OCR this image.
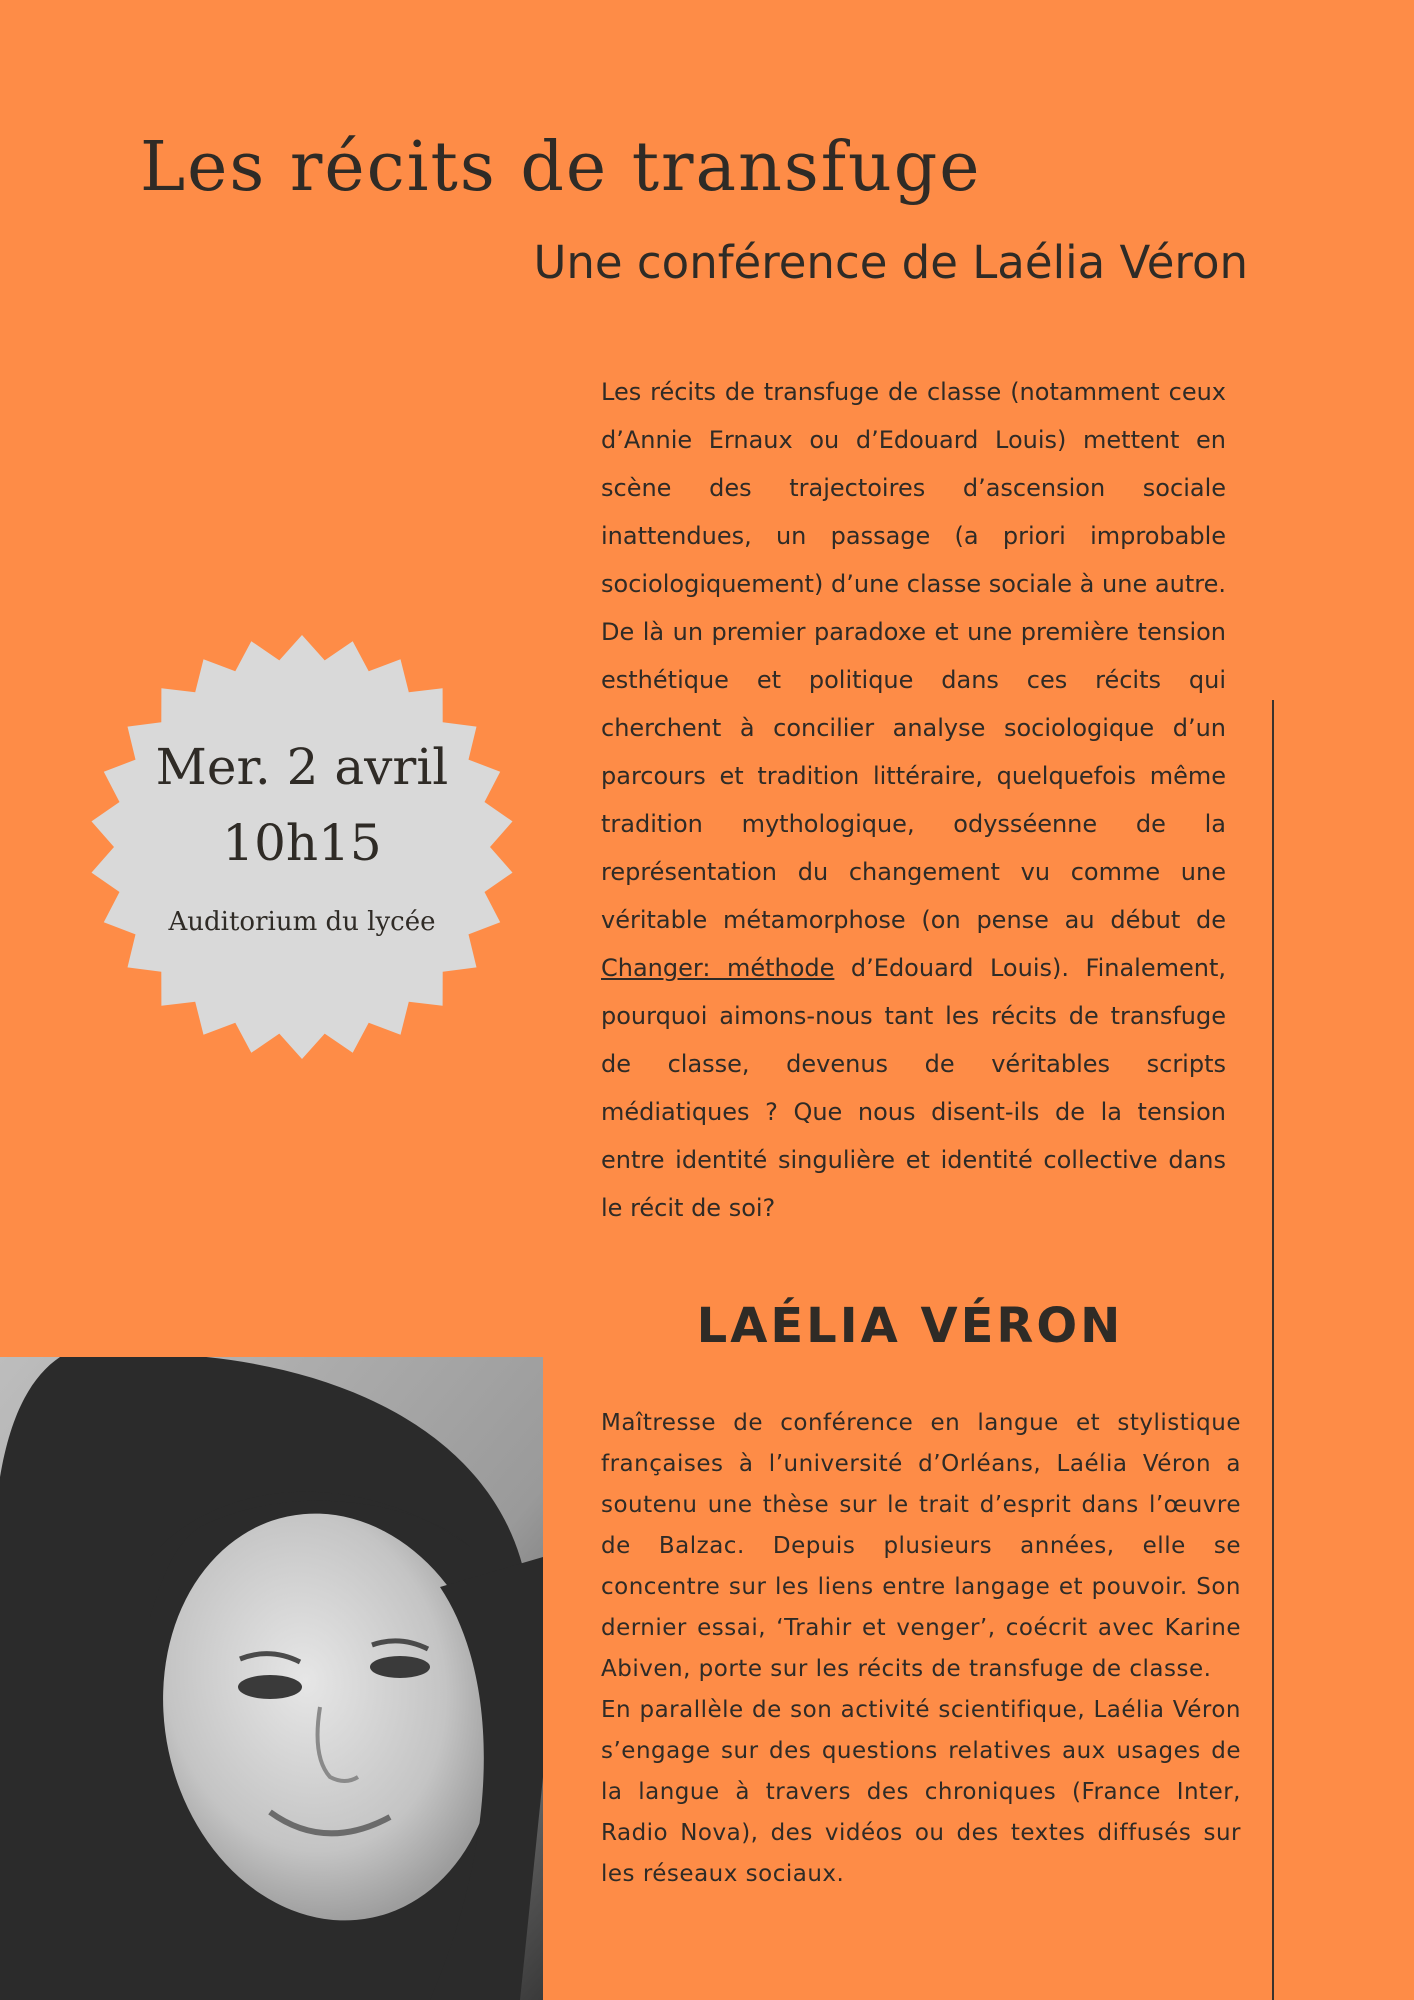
Les récits de transfuge
Une conférence de Laélia Véron

Les récits de transfuge de classe (notamment ceux d’Annie Ernaux ou d’Edouard Louis) mettent en scène des trajectoires d’ascension sociale inattendues, un passage (a priori improbable sociologiquement) d’une classe sociale à une autre. De là un premier paradoxe et une première tension esthétique et politique dans ces récits qui cherchent à concilier analyse sociologique d’un parcours et tradition littéraire, quelquefois même tradition mythologique, odysséenne de la représentation du changement vu comme une véritable métamorphose (on pense au début de Changer: méthode d’Edouard Louis). Finalement, pourquoi aimons-nous tant les récits de transfuge de classe, devenus de véritables scripts médiatiques ? Que nous disent-ils de la tension entre identité singulière et identité collective dans le récit de soi?

Mer. 2 avril
10h15
Auditorium du lycée
LAÉLIA VÉRON

Maîtresse de conférence en langue et stylistique françaises à l’université d’Orléans, Laélia Véron a soutenu une thèse sur le trait d’esprit dans l’œuvre de Balzac. Depuis plusieurs années, elle se concentre sur les liens entre langage et pouvoir. Son dernier essai, ‘Trahir et venger’, coécrit avec Karine Abiven, porte sur les récits de transfuge de classe.

En parallèle de son activité scientifique, Laélia Véron s’engage sur des questions relatives aux usages de la langue à travers des chroniques (France Inter, Radio Nova), des vidéos ou des textes diffusés sur les réseaux sociaux.
